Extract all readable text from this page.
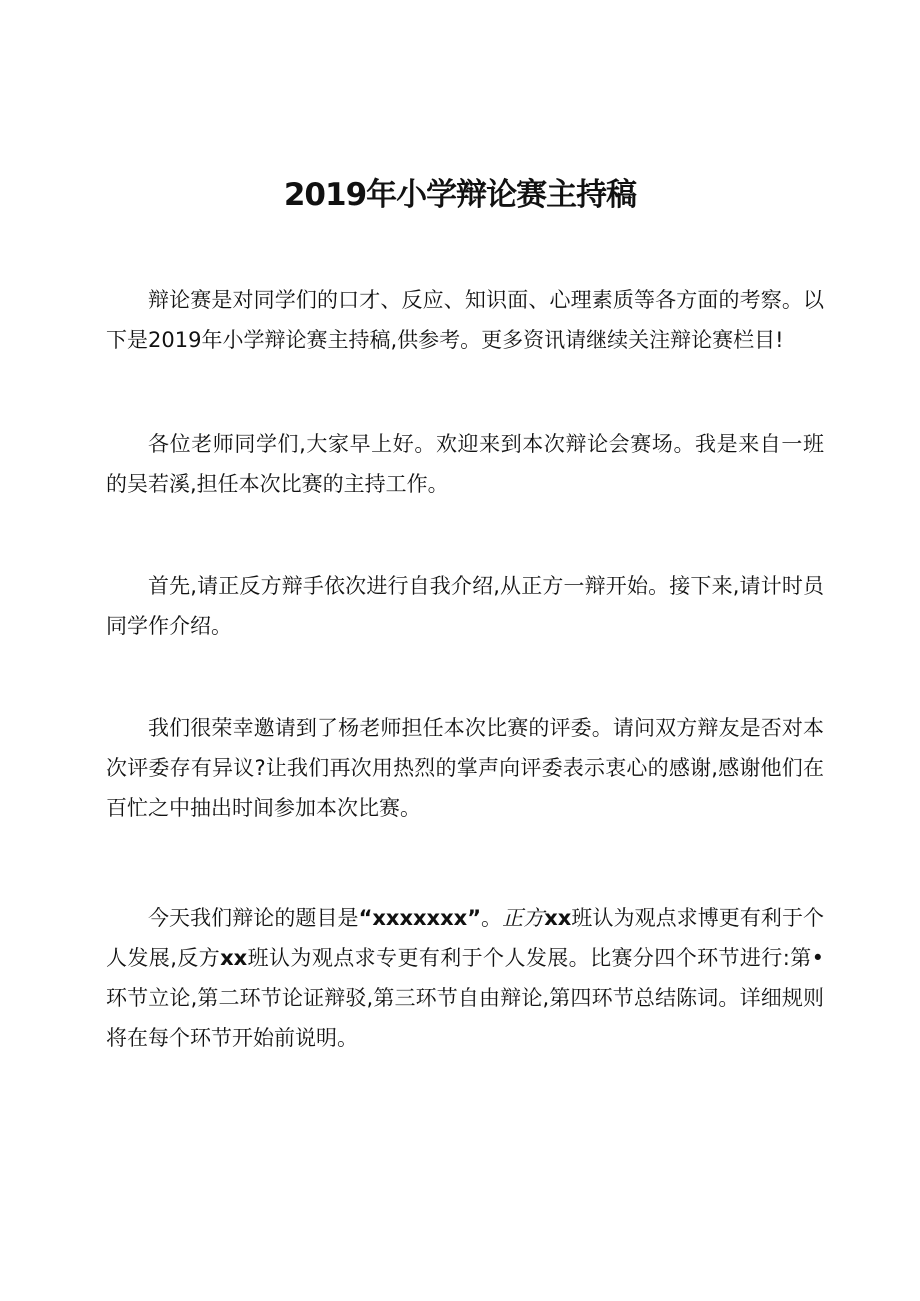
2019年小学辩论赛主持稿

辩论赛是对同学们的口才、反应、知识面、心理素质等各方面的考察。以下是2019年小学辩论赛主持稿,供参考。更多资讯请继续关注辩论赛栏目!

各位老师同学们,大家早上好。欢迎来到本次辩论会赛场。我是来自一班的吴若溪,担任本次比赛的主持工作。

首先,请正反方辩手依次进行自我介绍,从正方一辩开始。接下来,请计时员同学作介绍。

我们很荣幸邀请到了杨老师担任本次比赛的评委。请问双方辩友是否对本次评委存有异议?让我们再次用热烈的掌声向评委表示衷心的感谢,感谢他们在百忙之中抽出时间参加本次比赛。

今天我们辩论的题目是“xxxxxxx”。正方xx班认为观点求博更有利于个人发展,反方xx班认为观点求专更有利于个人发展。比赛分四个环节进行:第•环节立论,第二环节论证辩驳,第三环节自由辩论,第四环节总结陈词。详细规则将在每个环节开始前说明。
